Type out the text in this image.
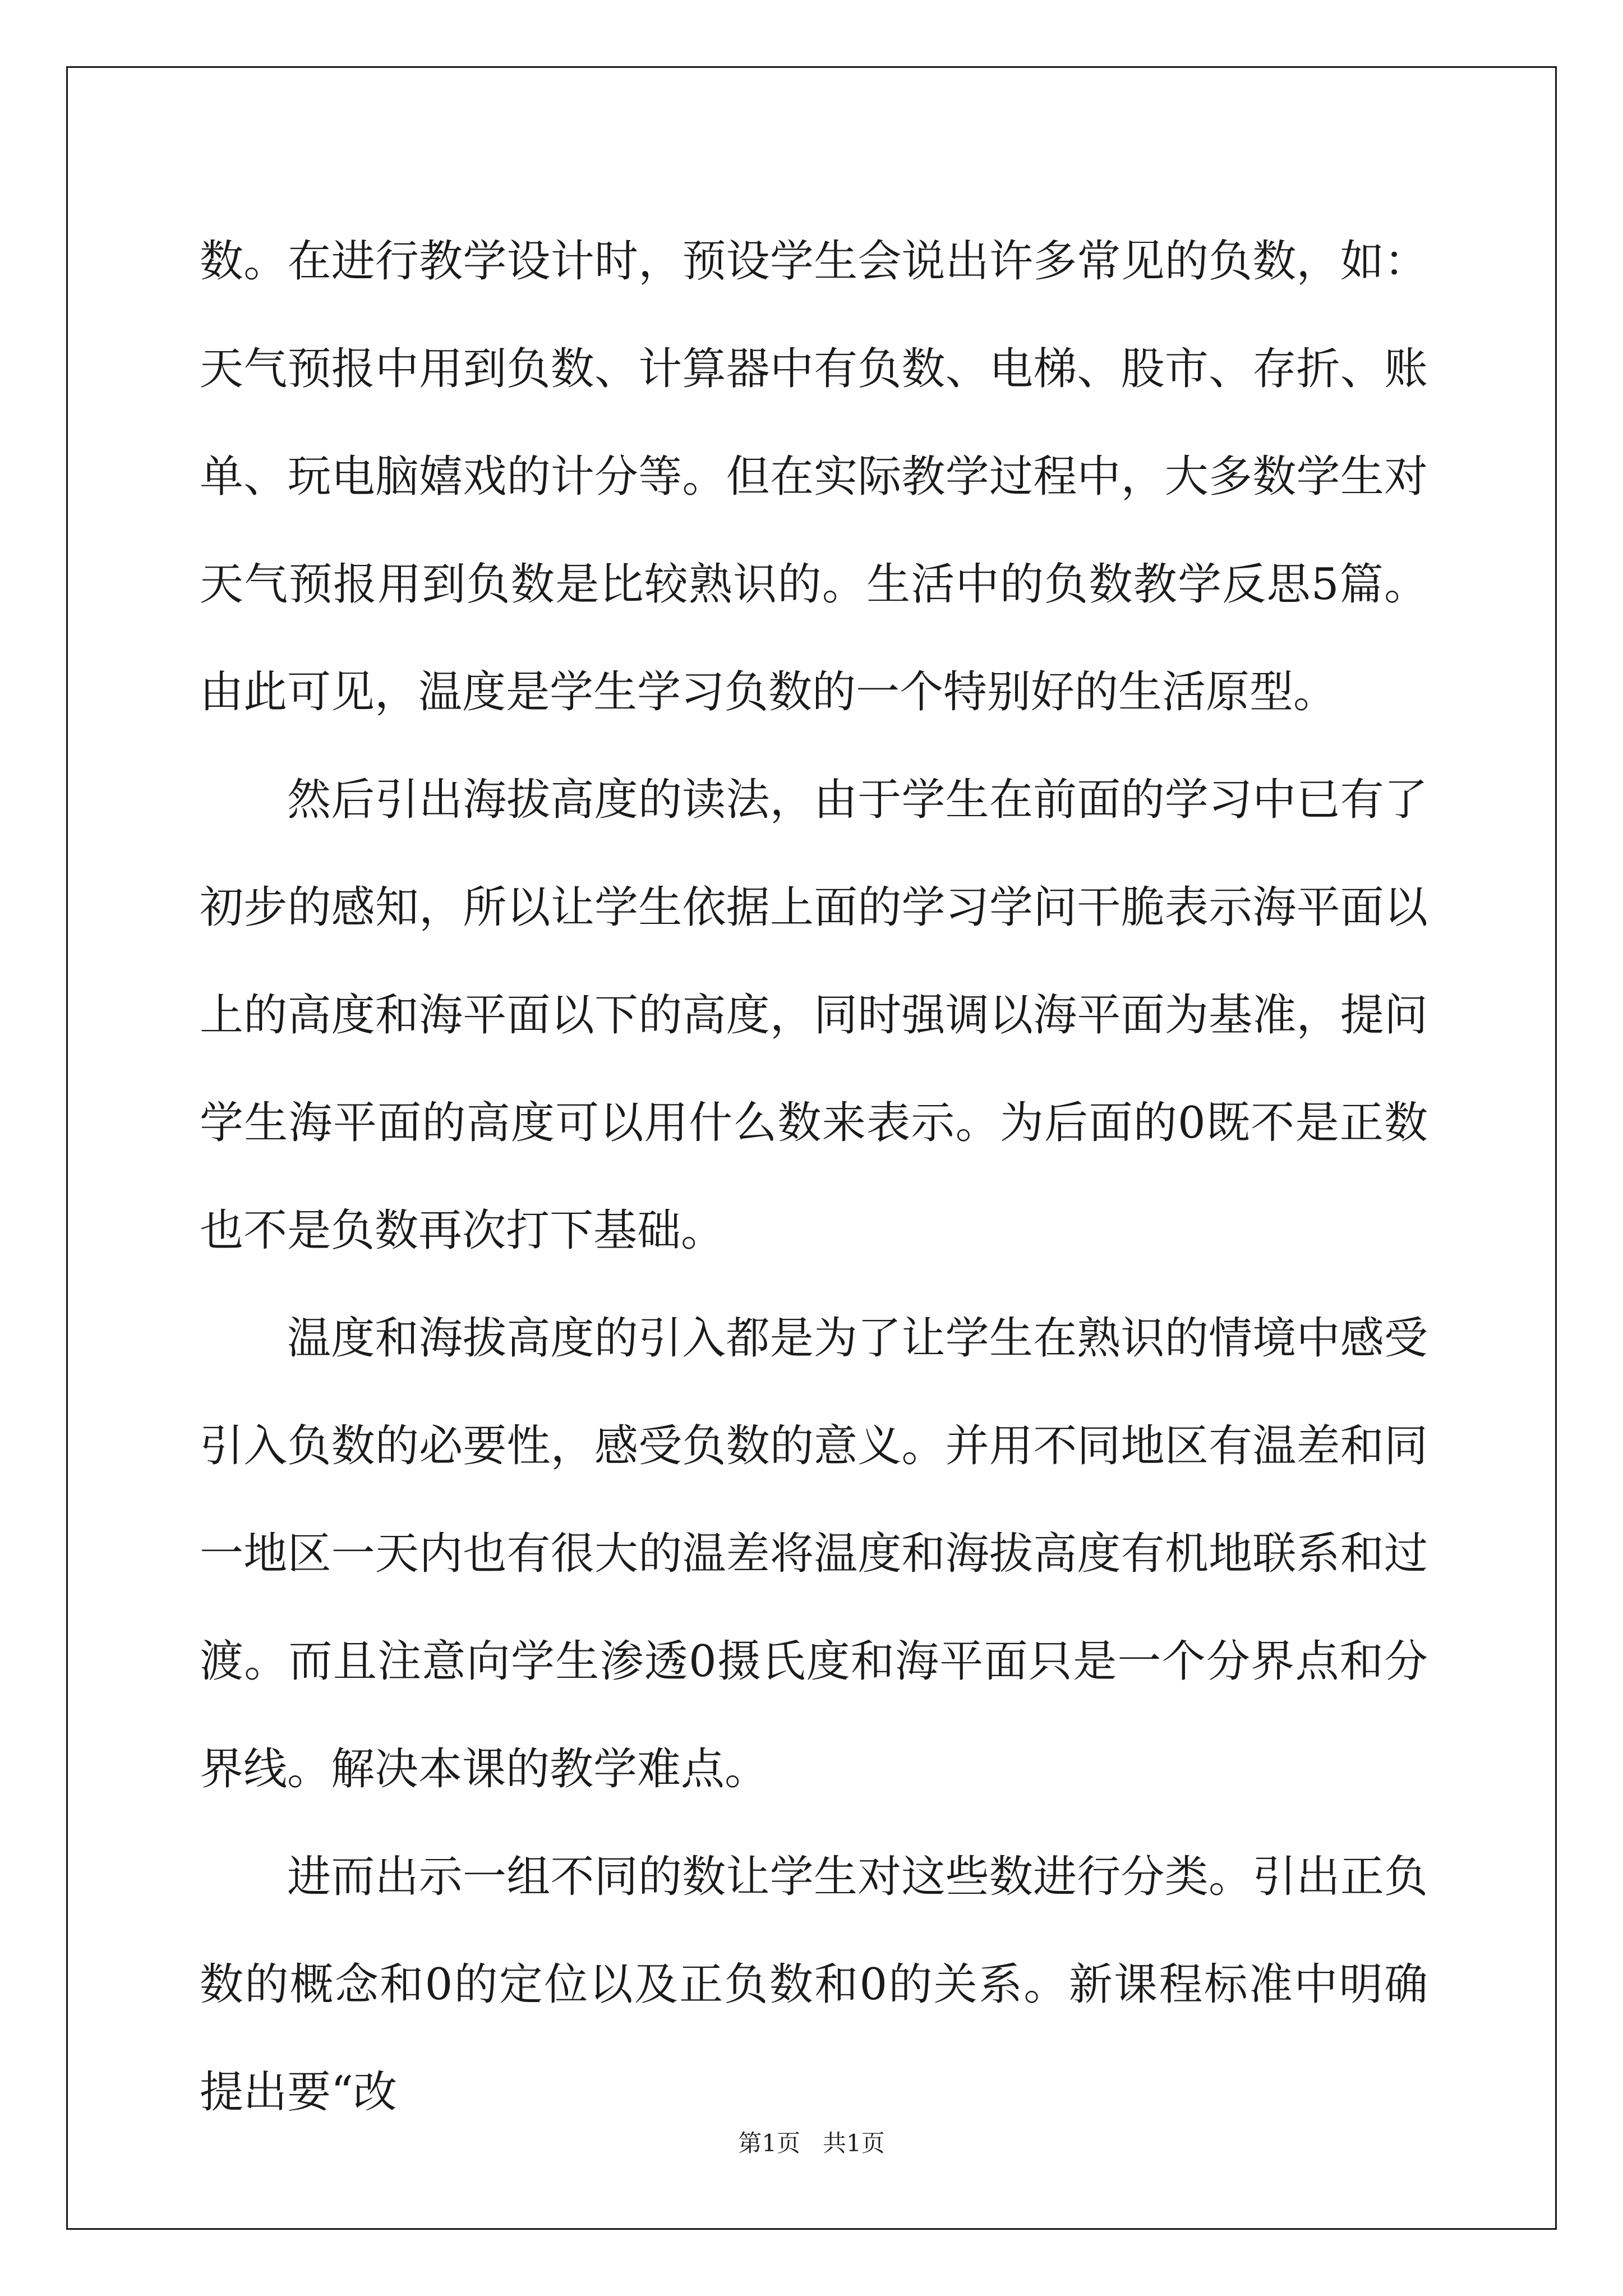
数。在进行教学设计时，预设学生会说出许多常见的负数，如：天气预报中用到负数、计算器中有负数、电梯、股市、存折、账单、玩电脑嬉戏的计分等。但在实际教学过程中，大多数学生对天气预报用到负数是比较熟识的。生活中的负数教学反思5篇。由此可见，温度是学生学习负数的一个特别好的生活原型。

然后引出海拔高度的读法，由于学生在前面的学习中已有了初步的感知，所以让学生依据上面的学习学问干脆表示海平面以上的高度和海平面以下的高度，同时强调以海平面为基准，提问学生海平面的高度可以用什么数来表示。为后面的0既不是正数也不是负数再次打下基础。

温度和海拔高度的引入都是为了让学生在熟识的情境中感受引入负数的必要性，感受负数的意义。并用不同地区有温差和同一地区一天内也有很大的温差将温度和海拔高度有机地联系和过渡。而且注意向学生渗透0摄氏度和海平面只是一个分界点和分界线。解决本课的教学难点。

进而出示一组不同的数让学生对这些数进行分类。引出正负数的概念和0的定位以及正负数和0的关系。新课程标准中明确提出要“改

第1页   共1页
